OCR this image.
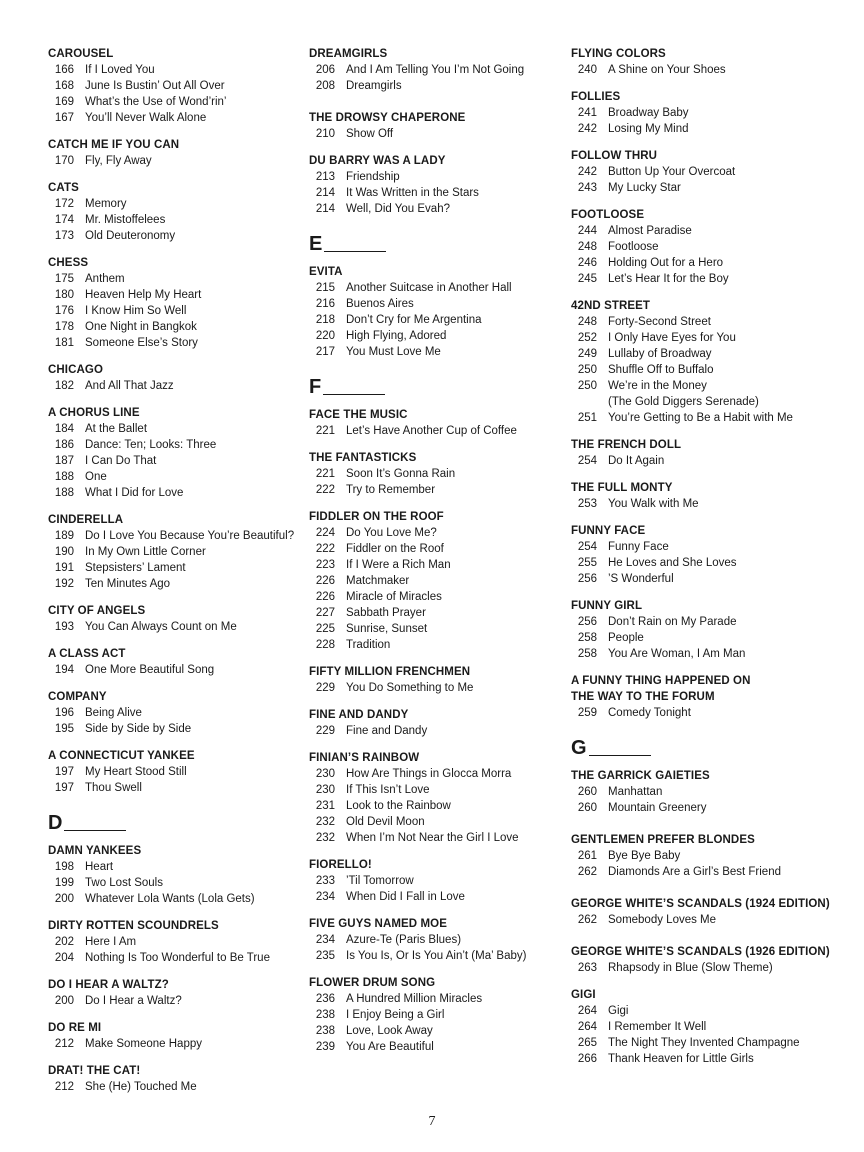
CAROUSEL
166 If I Loved You
168 June Is Bustin’ Out All Over
169 What’s the Use of Wond’rin’
167 You’ll Never Walk Alone
CATCH ME IF YOU CAN
170 Fly, Fly Away
CATS
172 Memory
174 Mr. Mistoffelees
173 Old Deuteronomy
CHESS
175 Anthem
180 Heaven Help My Heart
176 I Know Him So Well
178 One Night in Bangkok
181 Someone Else’s Story
CHICAGO
182 And All That Jazz
A CHORUS LINE
184 At the Ballet
186 Dance: Ten; Looks: Three
187 I Can Do That
188 One
188 What I Did for Love
CINDERELLA
189 Do I Love You Because You’re Beautiful?
190 In My Own Little Corner
191 Stepsisters’ Lament
192 Ten Minutes Ago
CITY OF ANGELS
193 You Can Always Count on Me
A CLASS ACT
194 One More Beautiful Song
COMPANY
196 Being Alive
195 Side by Side by Side
A CONNECTICUT YANKEE
197 My Heart Stood Still
197 Thou Swell
D
DAMN YANKEES
198 Heart
199 Two Lost Souls
200 Whatever Lola Wants (Lola Gets)
DIRTY ROTTEN SCOUNDRELS
202 Here I Am
204 Nothing Is Too Wonderful to Be True
DO I HEAR A WALTZ?
200 Do I Hear a Waltz?
DO RE MI
212 Make Someone Happy
DRAT! THE CAT!
212 She (He) Touched Me
DREAMGIRLS
206 And I Am Telling You I’m Not Going
208 Dreamgirls
THE DROWSY CHAPERONE
210 Show Off
DU BARRY WAS A LADY
213 Friendship
214 It Was Written in the Stars
214 Well, Did You Evah?
E
EVITA
215 Another Suitcase in Another Hall
216 Buenos Aires
218 Don’t Cry for Me Argentina
220 High Flying, Adored
217 You Must Love Me
F
FACE THE MUSIC
221 Let’s Have Another Cup of Coffee
THE FANTASTICKS
221 Soon It’s Gonna Rain
222 Try to Remember
FIDDLER ON THE ROOF
224 Do You Love Me?
222 Fiddler on the Roof
223 If I Were a Rich Man
226 Matchmaker
226 Miracle of Miracles
227 Sabbath Prayer
225 Sunrise, Sunset
228 Tradition
FIFTY MILLION FRENCHMEN
229 You Do Something to Me
FINE AND DANDY
229 Fine and Dandy
FINIAN’S RAINBOW
230 How Are Things in Glocca Morra
230 If This Isn’t Love
231 Look to the Rainbow
232 Old Devil Moon
232 When I’m Not Near the Girl I Love
FIORELLO!
233 ’Til Tomorrow
234 When Did I Fall in Love
FIVE GUYS NAMED MOE
234 Azure-Te (Paris Blues)
235 Is You Is, Or Is You Ain’t (Ma’ Baby)
FLOWER DRUM SONG
236 A Hundred Million Miracles
238 I Enjoy Being a Girl
238 Love, Look Away
239 You Are Beautiful
FLYING COLORS
240 A Shine on Your Shoes
FOLLIES
241 Broadway Baby
242 Losing My Mind
FOLLOW THRU
242 Button Up Your Overcoat
243 My Lucky Star
FOOTLOOSE
244 Almost Paradise
248 Footloose
246 Holding Out for a Hero
245 Let’s Hear It for the Boy
42ND STREET
248 Forty-Second Street
252 I Only Have Eyes for You
249 Lullaby of Broadway
250 Shuffle Off to Buffalo
250 We’re in the Money
(The Gold Diggers Serenade)
251 You’re Getting to Be a Habit with Me
THE FRENCH DOLL
254 Do It Again
THE FULL MONTY
253 You Walk with Me
FUNNY FACE
254 Funny Face
255 He Loves and She Loves
256 ’S Wonderful
FUNNY GIRL
256 Don’t Rain on My Parade
258 People
258 You Are Woman, I Am Man
A FUNNY THING HAPPENED ON
THE WAY TO THE FORUM
259 Comedy Tonight
G
THE GARRICK GAIETIES
260 Manhattan
260 Mountain Greenery
GENTLEMEN PREFER BLONDES
261 Bye Bye Baby
262 Diamonds Are a Girl’s Best Friend
GEORGE WHITE’S SCANDALS (1924 EDITION)
262 Somebody Loves Me
GEORGE WHITE’S SCANDALS (1926 EDITION)
263 Rhapsody in Blue (Slow Theme)
GIGI
264 Gigi
264 I Remember It Well
265 The Night They Invented Champagne
266 Thank Heaven for Little Girls
7
